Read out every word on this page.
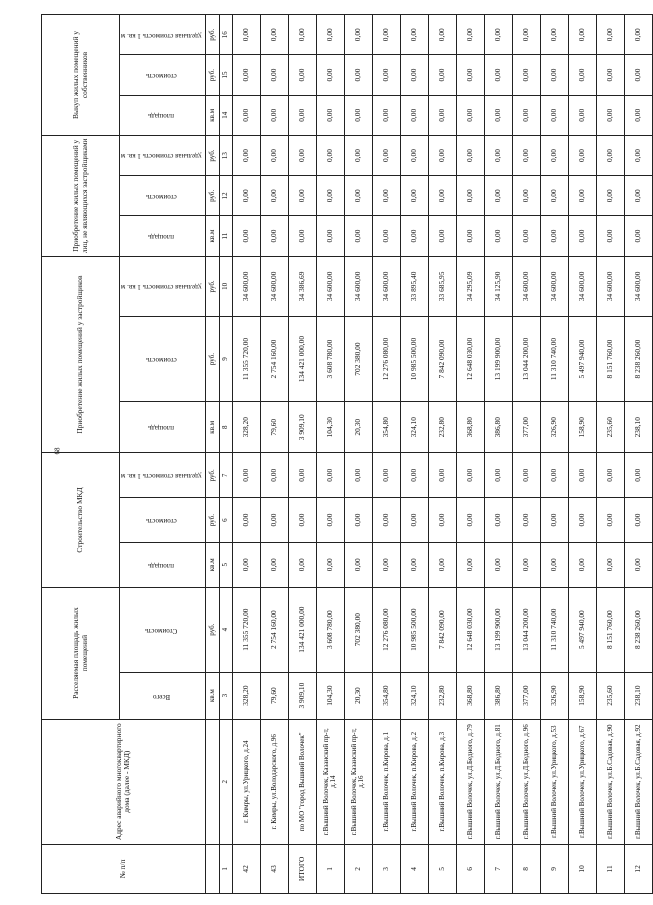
68
№ п/п	Адрес аварийного многоквартирного дома (далее - МКД)	Расселяемая площадь жилых помещений		Строительство МКД			Приобретение жилых помещений у застройщиков			Приобретение жилых помещений у лиц, не являющихся застройщиками			Выкуп жилых помещений у собственников		
		Всего	Стоимость	площадь	стоимость	удельная стоимость 1 кв. м	площадь	стоимость	удельная стоимость 1 кв. м	площадь	стоимость	удельная стоимость 1 кв. м	площадь	стоимость	удельная стоимость 1 кв. м
		кв.м	руб.	кв.м	руб.	руб.	кв.м	руб.	руб.	кв.м	руб.	руб.	кв.м	руб.	руб.
1	2	3	4	5	6	7	8	9	10	11	12	13	14	15	16
42	г. Кимры, ул.Урицкого, д.24	328,20	11 355 720,00	0,00	0,00	0,00	328,20	11 355 720,00	34 600,00	0,00	0,00	0,00	0,00	0,00	0,00
43	г. Кимры, ул.Володарского, д.96	79,60	2 754 160,00	0,00	0,00	0,00	79,60	2 754 160,00	34 600,00	0,00	0,00	0,00	0,00	0,00	0,00
ИТОГО	по МО "город Вышний Волочек"	3 909,10	134 421 000,00	0,00	0,00	0,00	3 909,10	134 421 000,00	34 386,69	0,00	0,00	0,00	0,00	0,00	0,00
1	г.Вышний Волочек, Казанский пр-т, д.14	104,30	3 608 780,00	0,00	0,00	0,00	104,30	3 608 780,00	34 600,00	0,00	0,00	0,00	0,00	0,00	0,00
2	г.Вышний Волочек, Казанский пр-т, д.16	20,30	702 380,00	0,00	0,00	0,00	20,30	702 380,00	34 600,00	0,00	0,00	0,00	0,00	0,00	0,00
3	г.Вышний Волочек, п.Кирова, д.1	354,80	12 276 080,00	0,00	0,00	0,00	354,80	12 276 080,00	34 600,00	0,00	0,00	0,00	0,00	0,00	0,00
4	г.Вышний Волочек, п.Кирова, д.2	324,10	10 985 500,00	0,00	0,00	0,00	324,10	10 985 500,00	33 895,40	0,00	0,00	0,00	0,00	0,00	0,00
5	г.Вышний Волочек, п.Кирова, д.3	232,80	7 842 090,00	0,00	0,00	0,00	232,80	7 842 090,00	33 685,95	0,00	0,00	0,00	0,00	0,00	0,00
6	г.Вышний Волочек, ул.Д.Бедного, д.79	368,80	12 648 030,00	0,00	0,00	0,00	368,80	12 648 030,00	34 295,09	0,00	0,00	0,00	0,00	0,00	0,00
7	г.Вышний Волочек, ул.Д.Бедного, д.81	386,80	13 199 900,00	0,00	0,00	0,00	386,80	13 199 900,00	34 125,90	0,00	0,00	0,00	0,00	0,00	0,00
8	г.Вышний Волочек, ул.Д.Бедного, д.96	377,00	13 044 200,00	0,00	0,00	0,00	377,00	13 044 200,00	34 600,00	0,00	0,00	0,00	0,00	0,00	0,00
9	г.Вышний Волочек, ул.Урицкого, д.53	326,90	11 310 740,00	0,00	0,00	0,00	326,90	11 310 740,00	34 600,00	0,00	0,00	0,00	0,00	0,00	0,00
10	г.Вышний Волочек, ул.Урицкого, д.67	158,90	5 497 940,00	0,00	0,00	0,00	158,90	5 497 940,00	34 600,00	0,00	0,00	0,00	0,00	0,00	0,00
11	г.Вышний Волочек, ул.Б.Садовая, д.90	235,60	8 151 760,00	0,00	0,00	0,00	235,60	8 151 760,00	34 600,00	0,00	0,00	0,00	0,00	0,00	0,00
12	г.Вышний Волочек, ул.Б.Садовая, д.92	238,10	8 238 260,00	0,00	0,00	0,00	238,10	8 238 260,00	34 600,00	0,00	0,00	0,00	0,00	0,00	0,00
